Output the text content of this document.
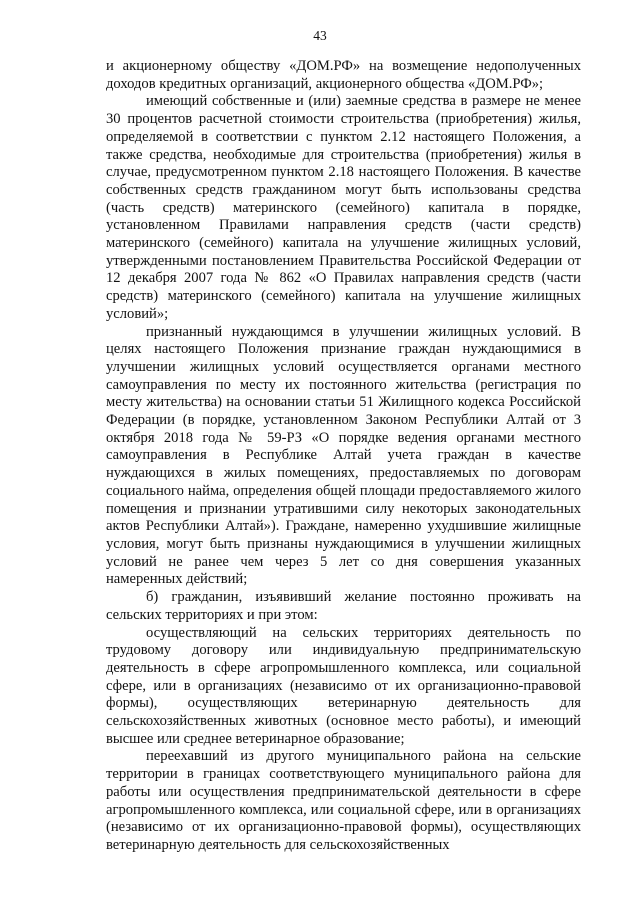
43

и акционерному обществу «ДОМ.РФ» на возмещение недополученных доходов кредитных организаций, акционерного общества «ДОМ.РФ»;

имеющий собственные и (или) заемные средства в размере не менее 30 процентов расчетной стоимости строительства (приобретения) жилья, определяемой в соответствии с пунктом 2.12 настоящего Положения, а также средства, необходимые для строительства (приобретения) жилья в случае, предусмотренном пунктом 2.18 настоящего Положения. В качестве собственных средств гражданином могут быть использованы средства (часть средств) материнского (семейного) капитала в порядке, установленном Правилами направления средств (части средств) материнского (семейного) капитала на улучшение жилищных условий, утвержденными постановлением Правительства Российской Федерации от 12 декабря 2007 года № 862 «О Правилах направления средств (части средств) материнского (семейного) капитала на улучшение жилищных условий»;

признанный нуждающимся в улучшении жилищных условий. В целях настоящего Положения признание граждан нуждающимися в улучшении жилищных условий осуществляется органами местного самоуправления по месту их постоянного жительства (регистрация по месту жительства) на основании статьи 51 Жилищного кодекса Российской Федерации (в порядке, установленном Законом Республики Алтай от 3 октября 2018 года № 59-РЗ «О порядке ведения органами местного самоуправления в Республике Алтай учета граждан в качестве нуждающихся в жилых помещениях, предоставляемых по договорам социального найма, определения общей площади предоставляемого жилого помещения и признании утратившими силу некоторых законодательных актов Республики Алтай»). Граждане, намеренно ухудшившие жилищные условия, могут быть признаны нуждающимися в улучшении жилищных условий не ранее чем через 5 лет со дня совершения указанных намеренных действий;

б) гражданин, изъявивший желание постоянно проживать на сельских территориях и при этом:

осуществляющий на сельских территориях деятельность по трудовому договору или индивидуальную предпринимательскую деятельность в сфере агропромышленного комплекса, или социальной сфере, или в организациях (независимо от их организационно-правовой формы), осуществляющих ветеринарную деятельность для сельскохозяйственных животных (основное место работы), и имеющий высшее или среднее ветеринарное образование;

переехавший из другого муниципального района на сельские территории в границах соответствующего муниципального района для работы или осуществления предпринимательской деятельности в сфере агропромышленного комплекса, или социальной сфере, или в организациях (независимо от их организационно-правовой формы), осуществляющих ветеринарную деятельность для сельскохозяйственных
